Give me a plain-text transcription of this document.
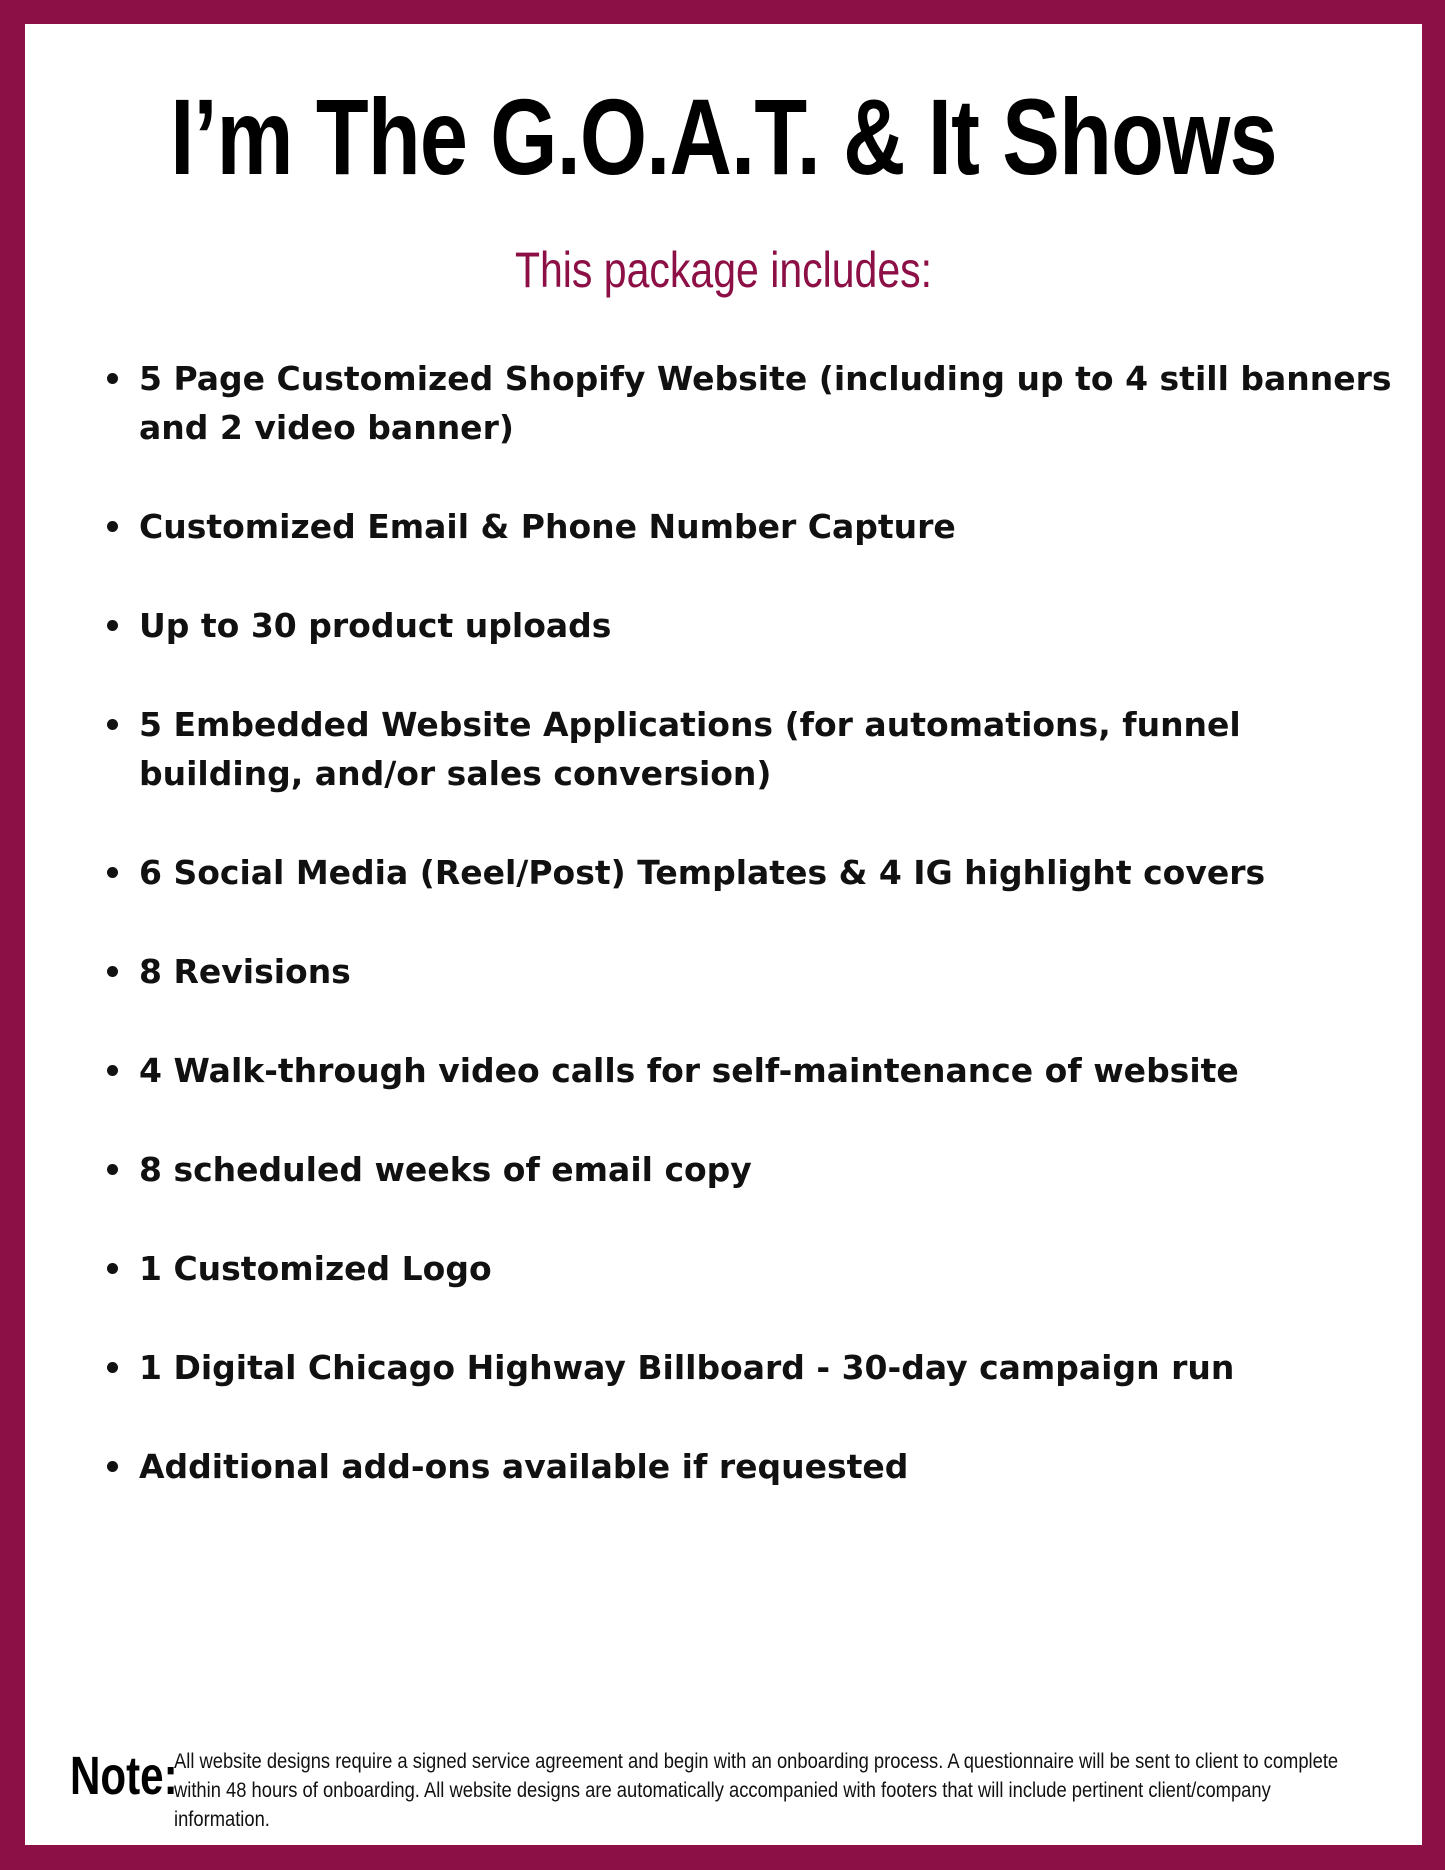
I’m The G.O.A.T. & It Shows
This package includes:
5 Page Customized Shopify Website (including up to 4 still banners and 2 video banner)
Customized Email & Phone Number Capture
Up to 30 product uploads
5 Embedded Website Applications (for automations, funnel building, and/or sales conversion)
6 Social Media (Reel/Post) Templates & 4 IG highlight covers
8 Revisions
4 Walk-through video calls for self-maintenance of website
8 scheduled weeks of email copy
1 Customized Logo
1 Digital Chicago Highway Billboard - 30-day campaign run
Additional add-ons available if requested
Note:
All website designs require a signed service agreement and begin with an onboarding process. A questionnaire will be sent to client to complete within 48 hours of onboarding. All website designs are automatically accompanied with footers that will include pertinent client/company information.
